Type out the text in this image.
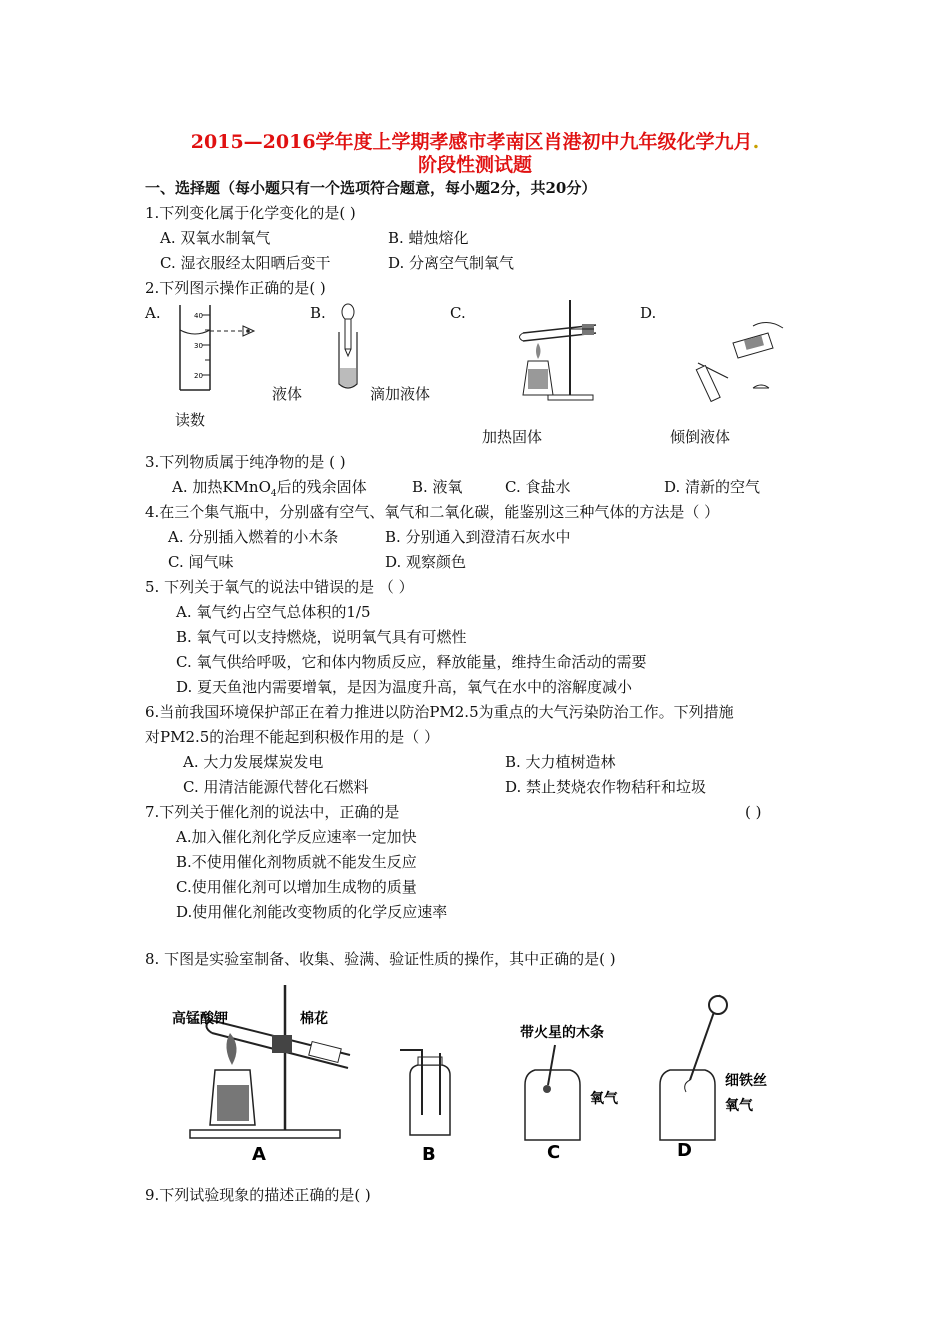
2015—2016学年度上学期孝感市孝南区肖港初中九年级化学九月.
阶段性测试题
一、选择题（每小题只有一个选项符合题意，每小题2分，共20分）
1.下列变化属于化学变化的是( )
A. 双氧水制氧气	B. 蜡烛熔化
C. 湿衣服经太阳晒后变干	D. 分离空气制氧气
2.下列图示操作正确的是( )
A.	B.	C.	D.
40
30
20
液体	滴加液体
读数
加热固体	倾倒液体
3.下列物质属于纯净物的是 ( )
A. 加热KMnO$_4$后的残余固体	B. 液氧	C. 食盐水	D. 清新的空气
4.在三个集气瓶中，分别盛有空气、氧气和二氧化碳，能鉴别这三种气体的方法是（ ）
A. 分别插入燃着的小木条	B. 分别通入到澄清石灰水中
C. 闻气味	D. 观察颜色
5. 下列关于氧气的说法中错误的是 （ ）
A. 氧气约占空气总体积的1/5
B. 氧气可以支持燃烧，说明氧气具有可燃性
C. 氧气供给呼吸，它和体内物质反应，释放能量，维持生命活动的需要
D. 夏天鱼池内需要增氧，是因为温度升高，氧气在水中的溶解度减小
6.当前我国环境保护部正在着力推进以防治PM2.5为重点的大气污染防治工作。下列措施
对PM2.5的治理不能起到积极作用的是（ ）
A. 大力发展煤炭发电	B. 大力植树造林
C. 用清洁能源代替化石燃料	D. 禁止焚烧农作物秸秆和垃圾
7.下列关于催化剂的说法中，正确的是	( )
A.加入催化剂化学反应速率一定加快
B.不使用催化剂物质就不能发生反应
C.使用催化剂可以增加生成物的质量
D.使用催化剂能改变物质的化学反应速率
8. 下图是实验室制备、收集、验满、验证性质的操作，其中正确的是( )
高锰酸钾	棉花
带火星的木条
氧气
细铁丝
氧气
A	B	C	D
9.下列试验现象的描述正确的是( )
